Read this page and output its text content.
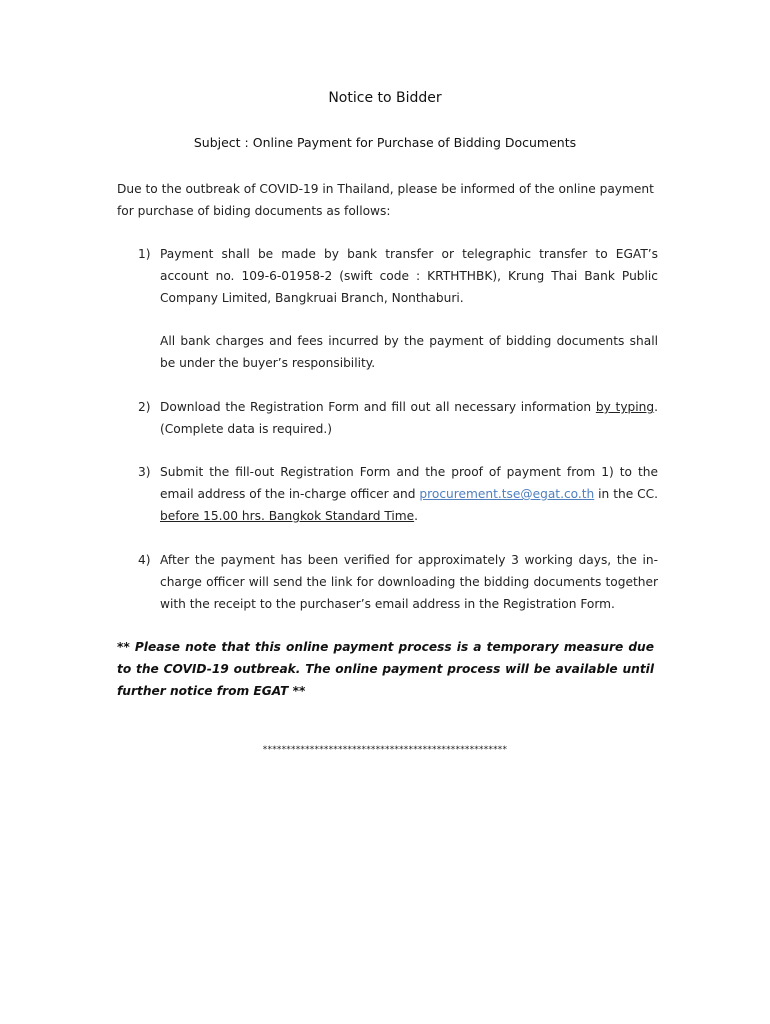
Notice to Bidder
Subject : Online Payment for Purchase of Bidding Documents
Due to the outbreak of COVID-19 in Thailand, please be informed of the online payment for purchase of biding documents as follows:
1) Payment shall be made by bank transfer or telegraphic transfer to EGAT’s account no. 109-6-01958-2 (swift code : KRTHTHBK), Krung Thai Bank Public Company Limited, Bangkruai Branch, Nonthaburi.
All bank charges and fees incurred by the payment of bidding documents shall be under the buyer’s responsibility.
2) Download the Registration Form and fill out all necessary information by typing. (Complete data is required.)
3) Submit the fill-out Registration Form and the proof of payment from 1) to the email address of the in-charge officer and procurement.tse@egat.co.th in the CC. before 15.00 hrs. Bangkok Standard Time.
4) After the payment has been verified for approximately 3 working days, the in-charge officer will send the link for downloading the bidding documents together with the receipt to the purchaser’s email address in the Registration Form.
** Please note that this online payment process is a temporary measure due to the COVID-19 outbreak. The online payment process will be available until further notice from EGAT **
****************************************************
